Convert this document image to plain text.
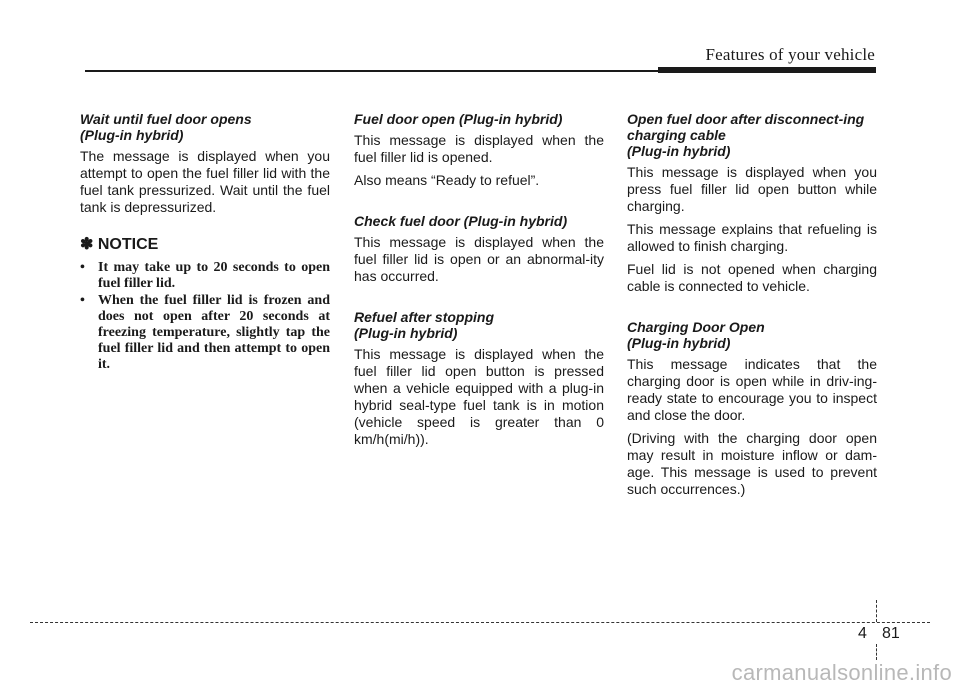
Features of your vehicle
Wait until fuel door opens
(Plug-in hybrid)

The message is displayed when you attempt to open the fuel filler lid with the fuel tank pressurized. Wait until the fuel tank is depressurized.

✽ NOTICE
• It may take up to 20 seconds to open fuel filler lid.
• When the fuel filler lid is frozen and does not open after 20 seconds at freezing temperature, slightly tap the fuel filler lid and then attempt to open it.
Fuel door open (Plug-in hybrid)

This message is displayed when the fuel filler lid is opened.

Also means “Ready to refuel”.

Check fuel door (Plug-in hybrid)

This message is displayed when the fuel filler lid is open or an abnormal-ity has occurred.

Refuel after stopping
(Plug-in hybrid)

This message is displayed when the fuel filler lid open button is pressed when a vehicle equipped with a plug-in hybrid seal-type fuel tank is in motion (vehicle speed is greater than 0 km/h(mi/h)).

Open fuel door after disconnect-ing charging cable
(Plug-in hybrid)

This message is displayed when you press fuel filler lid open button while charging.

This message explains that refueling is allowed to finish charging.

Fuel lid is not opened when charging cable is connected to vehicle.

Charging Door Open
(Plug-in hybrid)

This message indicates that the charging door is open while in driv-ing-ready state to encourage you to inspect and close the door.

(Driving with the charging door open may result in moisture inflow or dam-age. This message is used to prevent such occurrences.)

4 81
carmanualsonline.info
